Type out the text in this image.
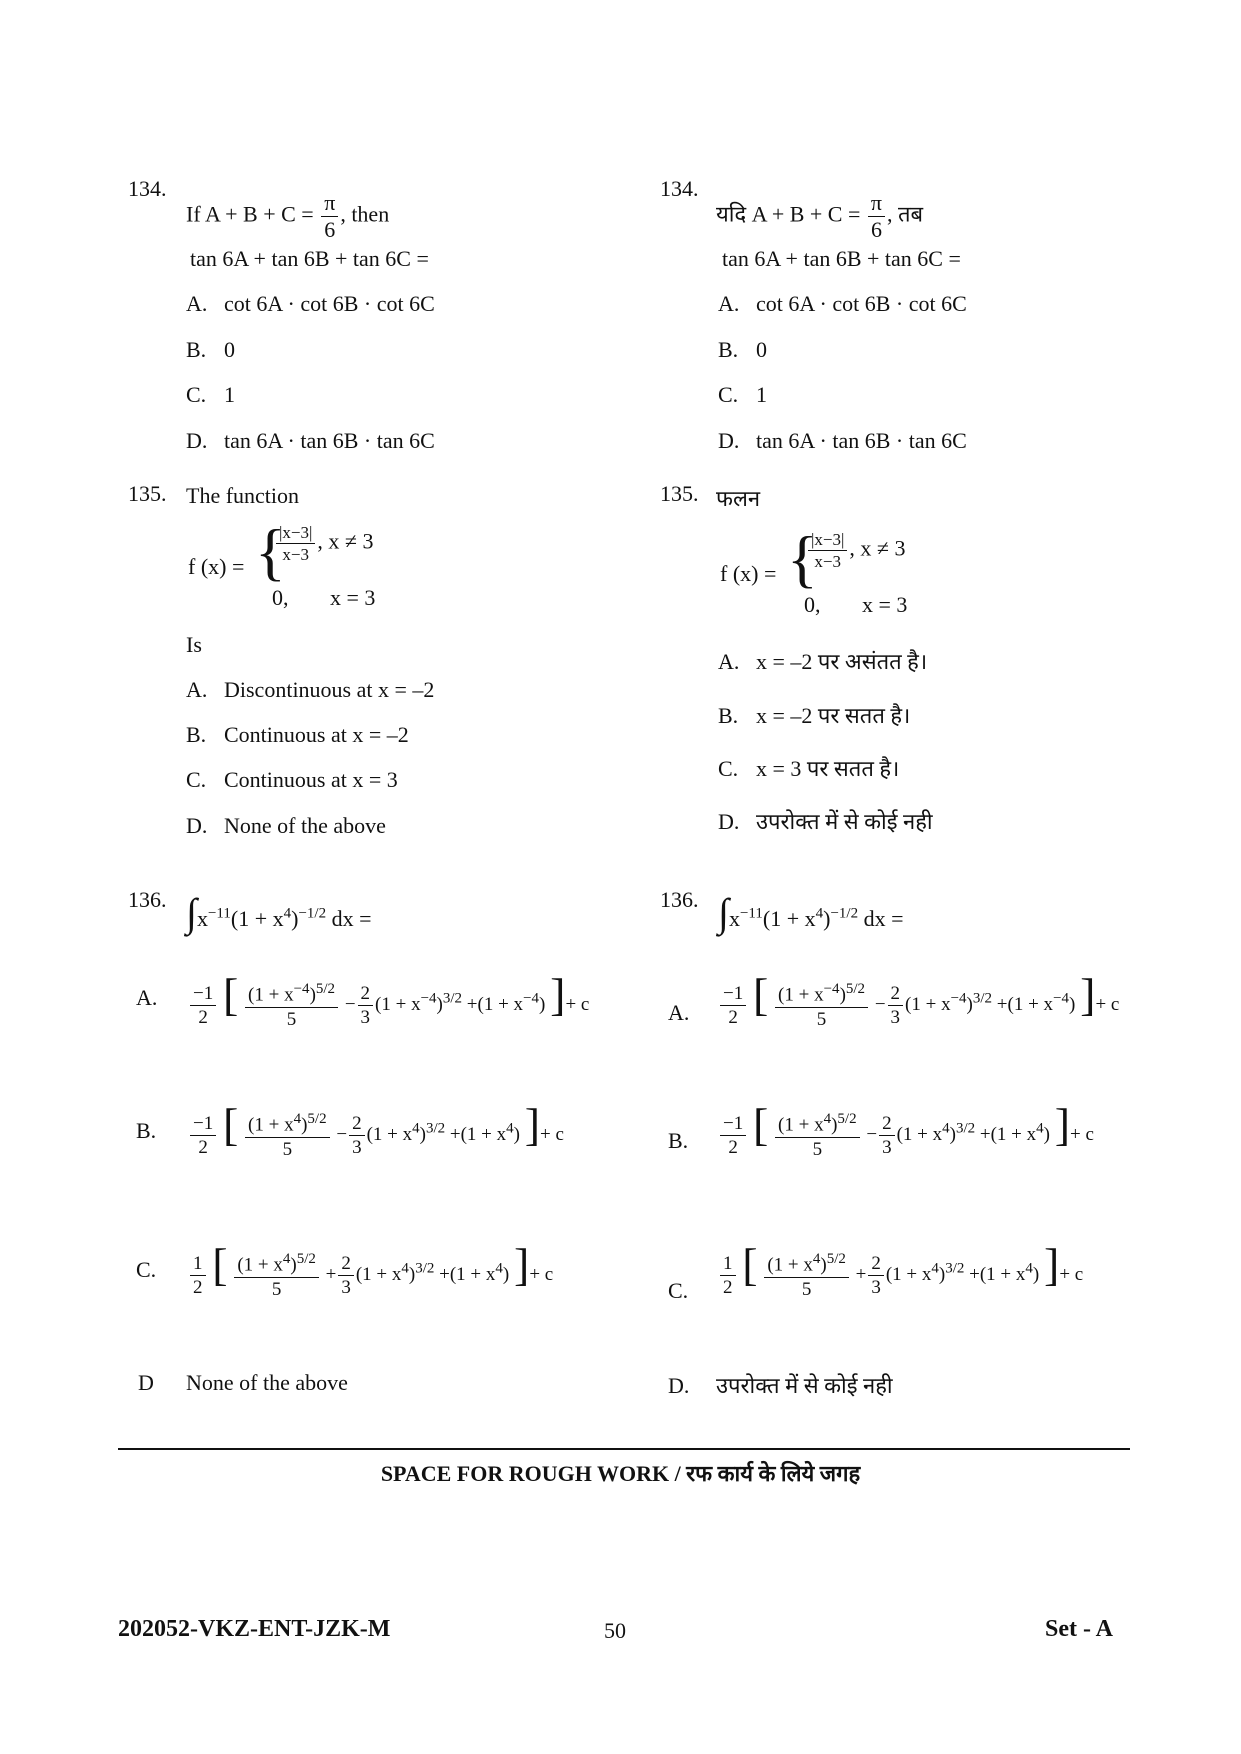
134.
If $A + B + C = \frac{\pi}{6}$ , then
tan 6A + tan 6B + tan 6C =
A. cot 6A · cot 6B · cot 6C
B. 0
C. 1
D. tan 6A · tan 6B · tan 6C
135. The function
f (x) = {
$\frac{|x-3|}{x-3}$ , x ≠ 3
0, x = 3
Is
A. Discontinuous at x = –2
B. Continuous at x = –2
C. Continuous at x = 3
D. None of the above
136. $\int x^{-11}(1 + x^4)^{-1/2}$ dx =
A. $\frac{-1}{2}$ [ $\frac{(1 + x^{-4})^{5/2}}{5} - \frac{2}{3} (1 + x^{-4})^{3/2} +(1 + x^{-4})$ ]+ c
B. $\frac{-1}{2}$ [ $\frac{(1 + x^4)^{5/2}}{5} - \frac{2}{3} (1 + x^4)^{3/2} +(1 + x^4)$ ]+ c
C. $\frac{1}{2}$ [ $\frac{(1 + x^4)^{5/2}}{5} + \frac{2}{3} (1 + x^4)^{3/2} +(1 + x^4)$ ]+ c
D None of the above
134.
यदि $A + B + C = \frac{\pi}{6}$ , तब
tan 6A + tan 6B + tan 6C =
A. cot 6A · cot 6B · cot 6C
B. 0
C. 1
D. tan 6A · tan 6B · tan 6C
135. फलन
f (x) = {
$\frac{|x-3|}{x-3}$ , x ≠ 3
0, x = 3
A. x = –2 पर असंतत है।
B. x = –2 पर सतत है।
C. x = 3 पर सतत है।
D. उपरोक्त में से कोई नही
136. $\int x^{-11}(1 + x^4)^{-1/2}$ dx =
A. $\frac{-1}{2}$ [ $\frac{(1 + x^{-4})^{5/2}}{5} - \frac{2}{3} (1 + x^{-4})^{3/2} +(1 + x^{-4})$ ]+ c
B. $\frac{-1}{2}$ [ $\frac{(1 + x^4)^{5/2}}{5} - \frac{2}{3} (1 + x^4)^{3/2} +(1 + x^4)$ ]+ c
C. $\frac{1}{2}$ [ $\frac{(1 + x^4)^{5/2}}{5} + \frac{2}{3} (1 + x^4)^{3/2} +(1 + x^4)$ ]+ c
D. उपरोक्त में से कोई नही
SPACE FOR ROUGH WORK / रफ कार्य के लिये जगह
202052-VKZ-ENT-JZK-M	50	Set - A
